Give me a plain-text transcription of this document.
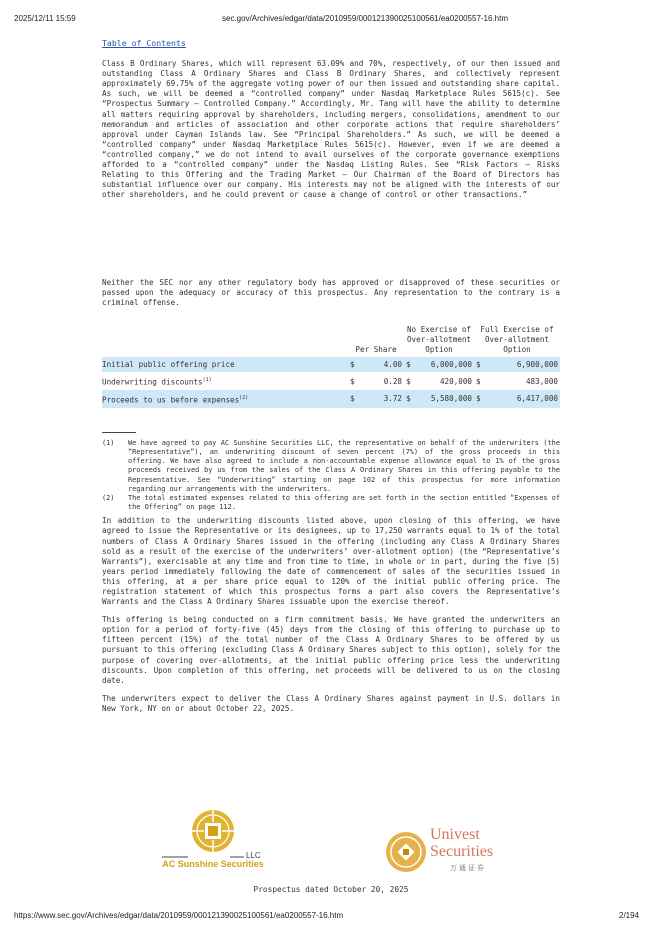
2025/12/11 15:59	sec.gov/Archives/edgar/data/2010959/000121390025100561/ea0200557-16.htm
Table of Contents

Class B Ordinary Shares, which will represent 63.09% and 70%, respectively, of our then issued and outstanding Class A Ordinary Shares and Class B Ordinary Shares, and collectively represent approximately 69.75% of the aggregate voting power of our then issued and outstanding share capital. As such, we will be deemed a “controlled company” under Nasdaq Marketplace Rules 5615(c). See “Prospectus Summary — Controlled Company.” Accordingly, Mr. Tang will have the ability to determine all matters requiring approval by shareholders, including mergers, consolidations, amendment to our memorandum and articles of association and other corporate actions that require shareholders’ approval under Cayman Islands law. See “Principal Shareholders.” As such, we will be deemed a “controlled company” under Nasdaq Marketplace Rules 5615(c). However, even if we are deemed a “controlled company,” we do not intend to avail ourselves of the corporate governance exemptions afforded to a “controlled company” under the Nasdaq Listing Rules. See “Risk Factors — Risks Relating to this Offering and the Trading Market — Our Chairman of the Board of Directors has substantial influence over our company. His interests may not be aligned with the interests of our other shareholders, and he could prevent or cause a change of control or other transactions.”

Neither the SEC nor any other regulatory body has approved or disapproved of these securities or passed upon the adequacy or accuracy of this prospectus. Any representation to the contrary is a criminal offense.

	Per Share		No Exercise of Over-allotment Option		Full Exercise of Over-allotment Option	
Initial public offering price	$	4.00	$	6,000,000	$	6,900,000
Underwriting discounts$^{(1)}$	$	0.28	$	420,000	$	483,000
Proceeds to us before expenses$^{(2)}$	$	3.72	$	5,580,000	$	6,417,000
(1)	We have agreed to pay AC Sunshine Securities LLC, the representative on behalf of the underwriters (the “Representative”), an underwriting discount of seven percent (7%) of the gross proceeds in this offering. We have also agreed to include a non-accountable expense allowance equal to 1% of the gross proceeds received by us from the sales of the Class A Ordinary Shares in this offering payable to the Representative. See “Underwriting” starting on page 102 of this prospectus for more information regarding our arrangements with the underwriters.
(2)	The total estimated expenses related to this offering are set forth in the section entitled “Expenses of the Offering” on page 112.

In addition to the underwriting discounts listed above, upon closing of this offering, we have agreed to issue the Representative or its designees, up to 17,250 warrants equal to 1% of the total numbers of Class A Ordinary Shares issued in the offering (including any Class A Ordinary Shares sold as a result of the exercise of the underwriters’ over-allotment option) (the “Representative’s Warrants”), exercisable at any time and from time to time, in whole or in part, during the five (5) years period immediately following the date of commencement of sales of the securities issued in this offering, at a per share price equal to 120% of the initial public offering price. The registration statement of which this prospectus forms a part also covers the Representative’s Warrants and the Class A Ordinary Shares issuable upon the exercise thereof.

This offering is being conducted on a firm commitment basis. We have granted the underwriters an option for a period of forty-five (45) days from the closing of this offering to purchase up to fifteen percent (15%) of the total number of the Class A Ordinary Shares to be offered by us pursuant to this offering (excluding Class A Ordinary Shares subject to this option), solely for the purpose of covering over-allotments, at the initial public offering price less the underwriting discounts. Upon completion of this offering, net proceeds will be delivered to us on the closing date.

The underwriters expect to deliver the Class A Ordinary Shares against payment in U.S. dollars in New York, NY on or about October 22, 2025.

LLC
AC Sunshine Securities
Univest
Securities
万通证券
Prospectus dated October 20, 2025
https://www.sec.gov/Archives/edgar/data/2010959/000121390025100561/ea0200557-16.htm	2/194
